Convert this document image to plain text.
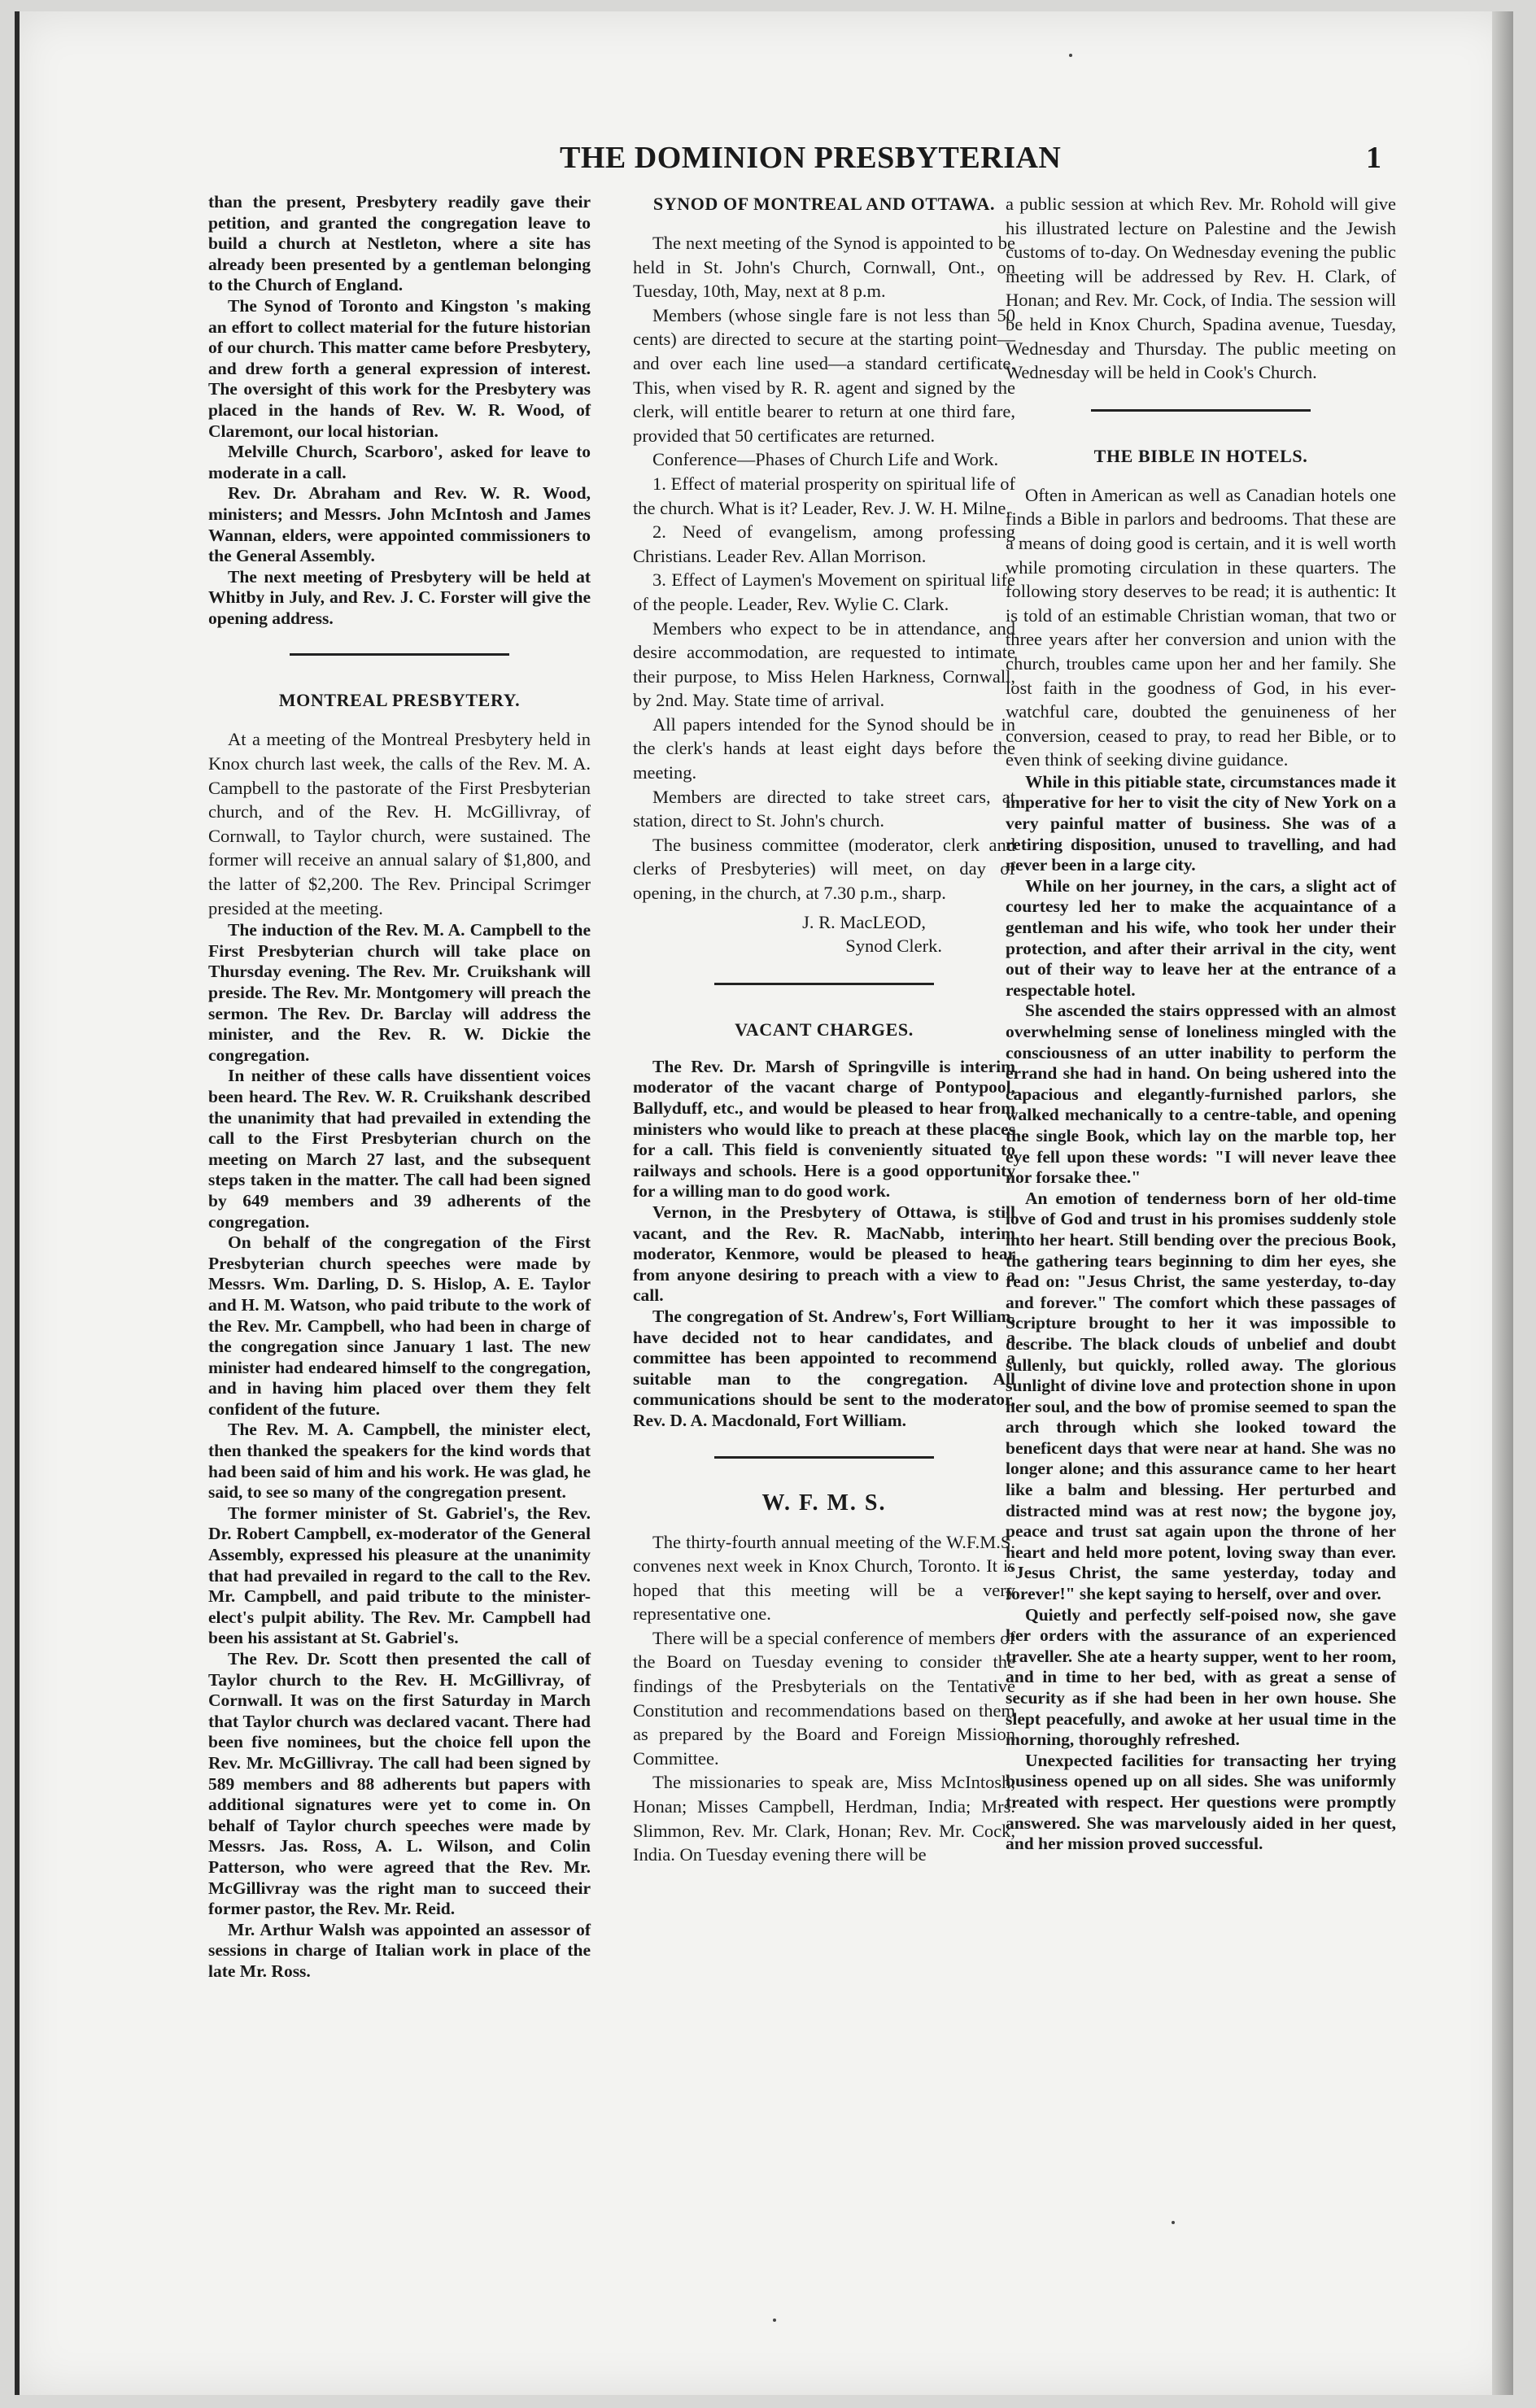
THE DOMINION PRESBYTERIAN	1

than the present, Presbytery readily gave their petition, and granted the congregation leave to build a church at Nestleton, where a site has already been presented by a gentleman belonging to the Church of England.

The Synod of Toronto and Kingston 's making an effort to collect material for the future historian of our church. This matter came before Presbytery, and drew forth a general expression of interest. The oversight of this work for the Presbytery was placed in the hands of Rev. W. R. Wood, of Claremont, our local historian.

Melville Church, Scarboro', asked for leave to moderate in a call.

Rev. Dr. Abraham and Rev. W. R. Wood, ministers; and Messrs. John McIntosh and James Wannan, elders, were appointed commissioners to the General Assembly.

The next meeting of Presbytery will be held at Whitby in July, and Rev. J. C. Forster will give the opening address.

MONTREAL PRESBYTERY.

At a meeting of the Montreal Presbytery held in Knox church last week, the calls of the Rev. M. A. Campbell to the pastorate of the First Presbyterian church, and of the Rev. H. McGillivray, of Cornwall, to Taylor church, were sustained. The former will receive an annual salary of $1,800, and the latter of $2,200. The Rev. Principal Scrimger presided at the meeting.

The induction of the Rev. M. A. Campbell to the First Presbyterian church will take place on Thursday evening. The Rev. Mr. Cruikshank will preside. The Rev. Mr. Montgomery will preach the sermon. The Rev. Dr. Barclay will address the minister, and the Rev. R. W. Dickie the congregation.

In neither of these calls have dissentient voices been heard. The Rev. W. R. Cruikshank described the unanimity that had prevailed in extending the call to the First Presbyterian church on the meeting on March 27 last, and the subsequent steps taken in the matter. The call had been signed by 649 members and 39 adherents of the congregation.

On behalf of the congregation of the First Presbyterian church speeches were made by Messrs. Wm. Darling, D. S. Hislop, A. E. Taylor and H. M. Watson, who paid tribute to the work of the Rev. Mr. Campbell, who had been in charge of the congregation since January 1 last. The new minister had endeared himself to the congregation, and in having him placed over them they felt confident of the future.

The Rev. M. A. Campbell, the minister elect, then thanked the speakers for the kind words that had been said of him and his work. He was glad, he said, to see so many of the congregation present.

The former minister of St. Gabriel's, the Rev. Dr. Robert Campbell, ex-moderator of the General Assembly, expressed his pleasure at the unanimity that had prevailed in regard to the call to the Rev. Mr. Campbell, and paid tribute to the minister-elect's pulpit ability. The Rev. Mr. Campbell had been his assistant at St. Gabriel's.

The Rev. Dr. Scott then presented the call of Taylor church to the Rev. H. McGillivray, of Cornwall. It was on the first Saturday in March that Taylor church was declared vacant. There had been five nominees, but the choice fell upon the Rev. Mr. McGillivray. The call had been signed by 589 members and 88 adherents but papers with additional signatures were yet to come in. On behalf of Taylor church speeches were made by Messrs. Jas. Ross, A. L. Wilson, and Colin Patterson, who were agreed that the Rev. Mr. McGillivray was the right man to succeed their former pastor, the Rev. Mr. Reid.

Mr. Arthur Walsh was appointed an assessor of sessions in charge of Italian work in place of the late Mr. Ross.

SYNOD OF MONTREAL AND OTTAWA.

The next meeting of the Synod is appointed to be held in St. John's Church, Cornwall, Ont., on Tuesday, 10th, May, next at 8 p.m.

Members (whose single fare is not less than 50 cents) are directed to secure at the starting point—and over each line used—a standard certificate. This, when vised by R. R. agent and signed by the clerk, will entitle bearer to return at one third fare, provided that 50 certificates are returned.

Conference—Phases of Church Life and Work.

1. Effect of material prosperity on spiritual life of the church. What is it? Leader, Rev. J. W. H. Milne.

2. Need of evangelism, among professing Christians. Leader Rev. Allan Morrison.

3. Effect of Laymen's Movement on spiritual life of the people. Leader, Rev. Wylie C. Clark.

Members who expect to be in attendance, and desire accommodation, are requested to intimate their purpose, to Miss Helen Harkness, Cornwall, by 2nd. May. State time of arrival.

All papers intended for the Synod should be in the clerk's hands at least eight days before the meeting.

Members are directed to take street cars, at station, direct to St. John's church.

The business committee (moderator, clerk and clerks of Presbyteries) will meet, on day of opening, in the church, at 7.30 p.m., sharp.

J. R. MacLEOD,
Synod Clerk.
VACANT CHARGES.

The Rev. Dr. Marsh of Springville is interim moderator of the vacant charge of Pontypool, Ballyduff, etc., and would be pleased to hear from ministers who would like to preach at these places for a call. This field is conveniently situated to railways and schools. Here is a good opportunity for a willing man to do good work.

Vernon, in the Presbytery of Ottawa, is still vacant, and the Rev. R. MacNabb, interim moderator, Kenmore, would be pleased to hear from anyone desiring to preach with a view to a call.

The congregation of St. Andrew's, Fort William, have decided not to hear candidates, and a committee has been appointed to recommend a suitable man to the congregation. All communications should be sent to the moderator, Rev. D. A. Macdonald, Fort William.

W. F. M. S.

The thirty-fourth annual meeting of the W.F.M.S. convenes next week in Knox Church, Toronto. It is hoped that this meeting will be a very representative one.

There will be a special conference of members of the Board on Tuesday evening to consider the findings of the Presbyterials on the Tentative Constitution and recommendations based on them as prepared by the Board and Foreign Mission Committee.

The missionaries to speak are, Miss McIntosh, Honan; Misses Campbell, Herdman, India; Mrs. Slimmon, Rev. Mr. Clark, Honan; Rev. Mr. Cock, India. On Tuesday evening there will be

a public session at which Rev. Mr. Rohold will give his illustrated lecture on Palestine and the Jewish customs of to-day. On Wednesday evening the public meeting will be addressed by Rev. H. Clark, of Honan; and Rev. Mr. Cock, of India. The session will be held in Knox Church, Spadina avenue, Tuesday, Wednesday and Thursday. The public meeting on Wednesday will be held in Cook's Church.

THE BIBLE IN HOTELS.

Often in American as well as Canadian hotels one finds a Bible in parlors and bedrooms. That these are a means of doing good is certain, and it is well worth while promoting circulation in these quarters. The following story deserves to be read; it is authentic: It is told of an estimable Christian woman, that two or three years after her conversion and union with the church, troubles came upon her and her family. She lost faith in the goodness of God, in his ever-watchful care, doubted the genuineness of her conversion, ceased to pray, to read her Bible, or to even think of seeking divine guidance.

While in this pitiable state, circumstances made it imperative for her to visit the city of New York on a very painful matter of business. She was of a retiring disposition, unused to travelling, and had never been in a large city.

While on her journey, in the cars, a slight act of courtesy led her to make the acquaintance of a gentleman and his wife, who took her under their protection, and after their arrival in the city, went out of their way to leave her at the entrance of a respectable hotel.

She ascended the stairs oppressed with an almost overwhelming sense of loneliness mingled with the consciousness of an utter inability to perform the errand she had in hand. On being ushered into the capacious and elegantly-furnished parlors, she walked mechanically to a centre-table, and opening the single Book, which lay on the marble top, her eye fell upon these words: "I will never leave thee nor forsake thee."

An emotion of tenderness born of her old-time love of God and trust in his promises suddenly stole into her heart. Still bending over the precious Book, the gathering tears beginning to dim her eyes, she read on: "Jesus Christ, the same yesterday, to-day and forever." The comfort which these passages of Scripture brought to her it was impossible to describe. The black clouds of unbelief and doubt sullenly, but quickly, rolled away. The glorious sunlight of divine love and protection shone in upon her soul, and the bow of promise seemed to span the arch through which she looked toward the beneficent days that were near at hand. She was no longer alone; and this assurance came to her heart like a balm and blessing. Her perturbed and distracted mind was at rest now; the bygone joy, peace and trust sat again upon the throne of her heart and held more potent, loving sway than ever. "Jesus Christ, the same yesterday, today and forever!" she kept saying to herself, over and over.

Quietly and perfectly self-poised now, she gave her orders with the assurance of an experienced traveller. She ate a hearty supper, went to her room, and in time to her bed, with as great a sense of security as if she had been in her own house. She slept peacefully, and awoke at her usual time in the morning, thoroughly refreshed.

Unexpected facilities for transacting her trying business opened up on all sides. She was uniformly treated with respect. Her questions were promptly answered. She was marvelously aided in her quest, and her mission proved successful.
